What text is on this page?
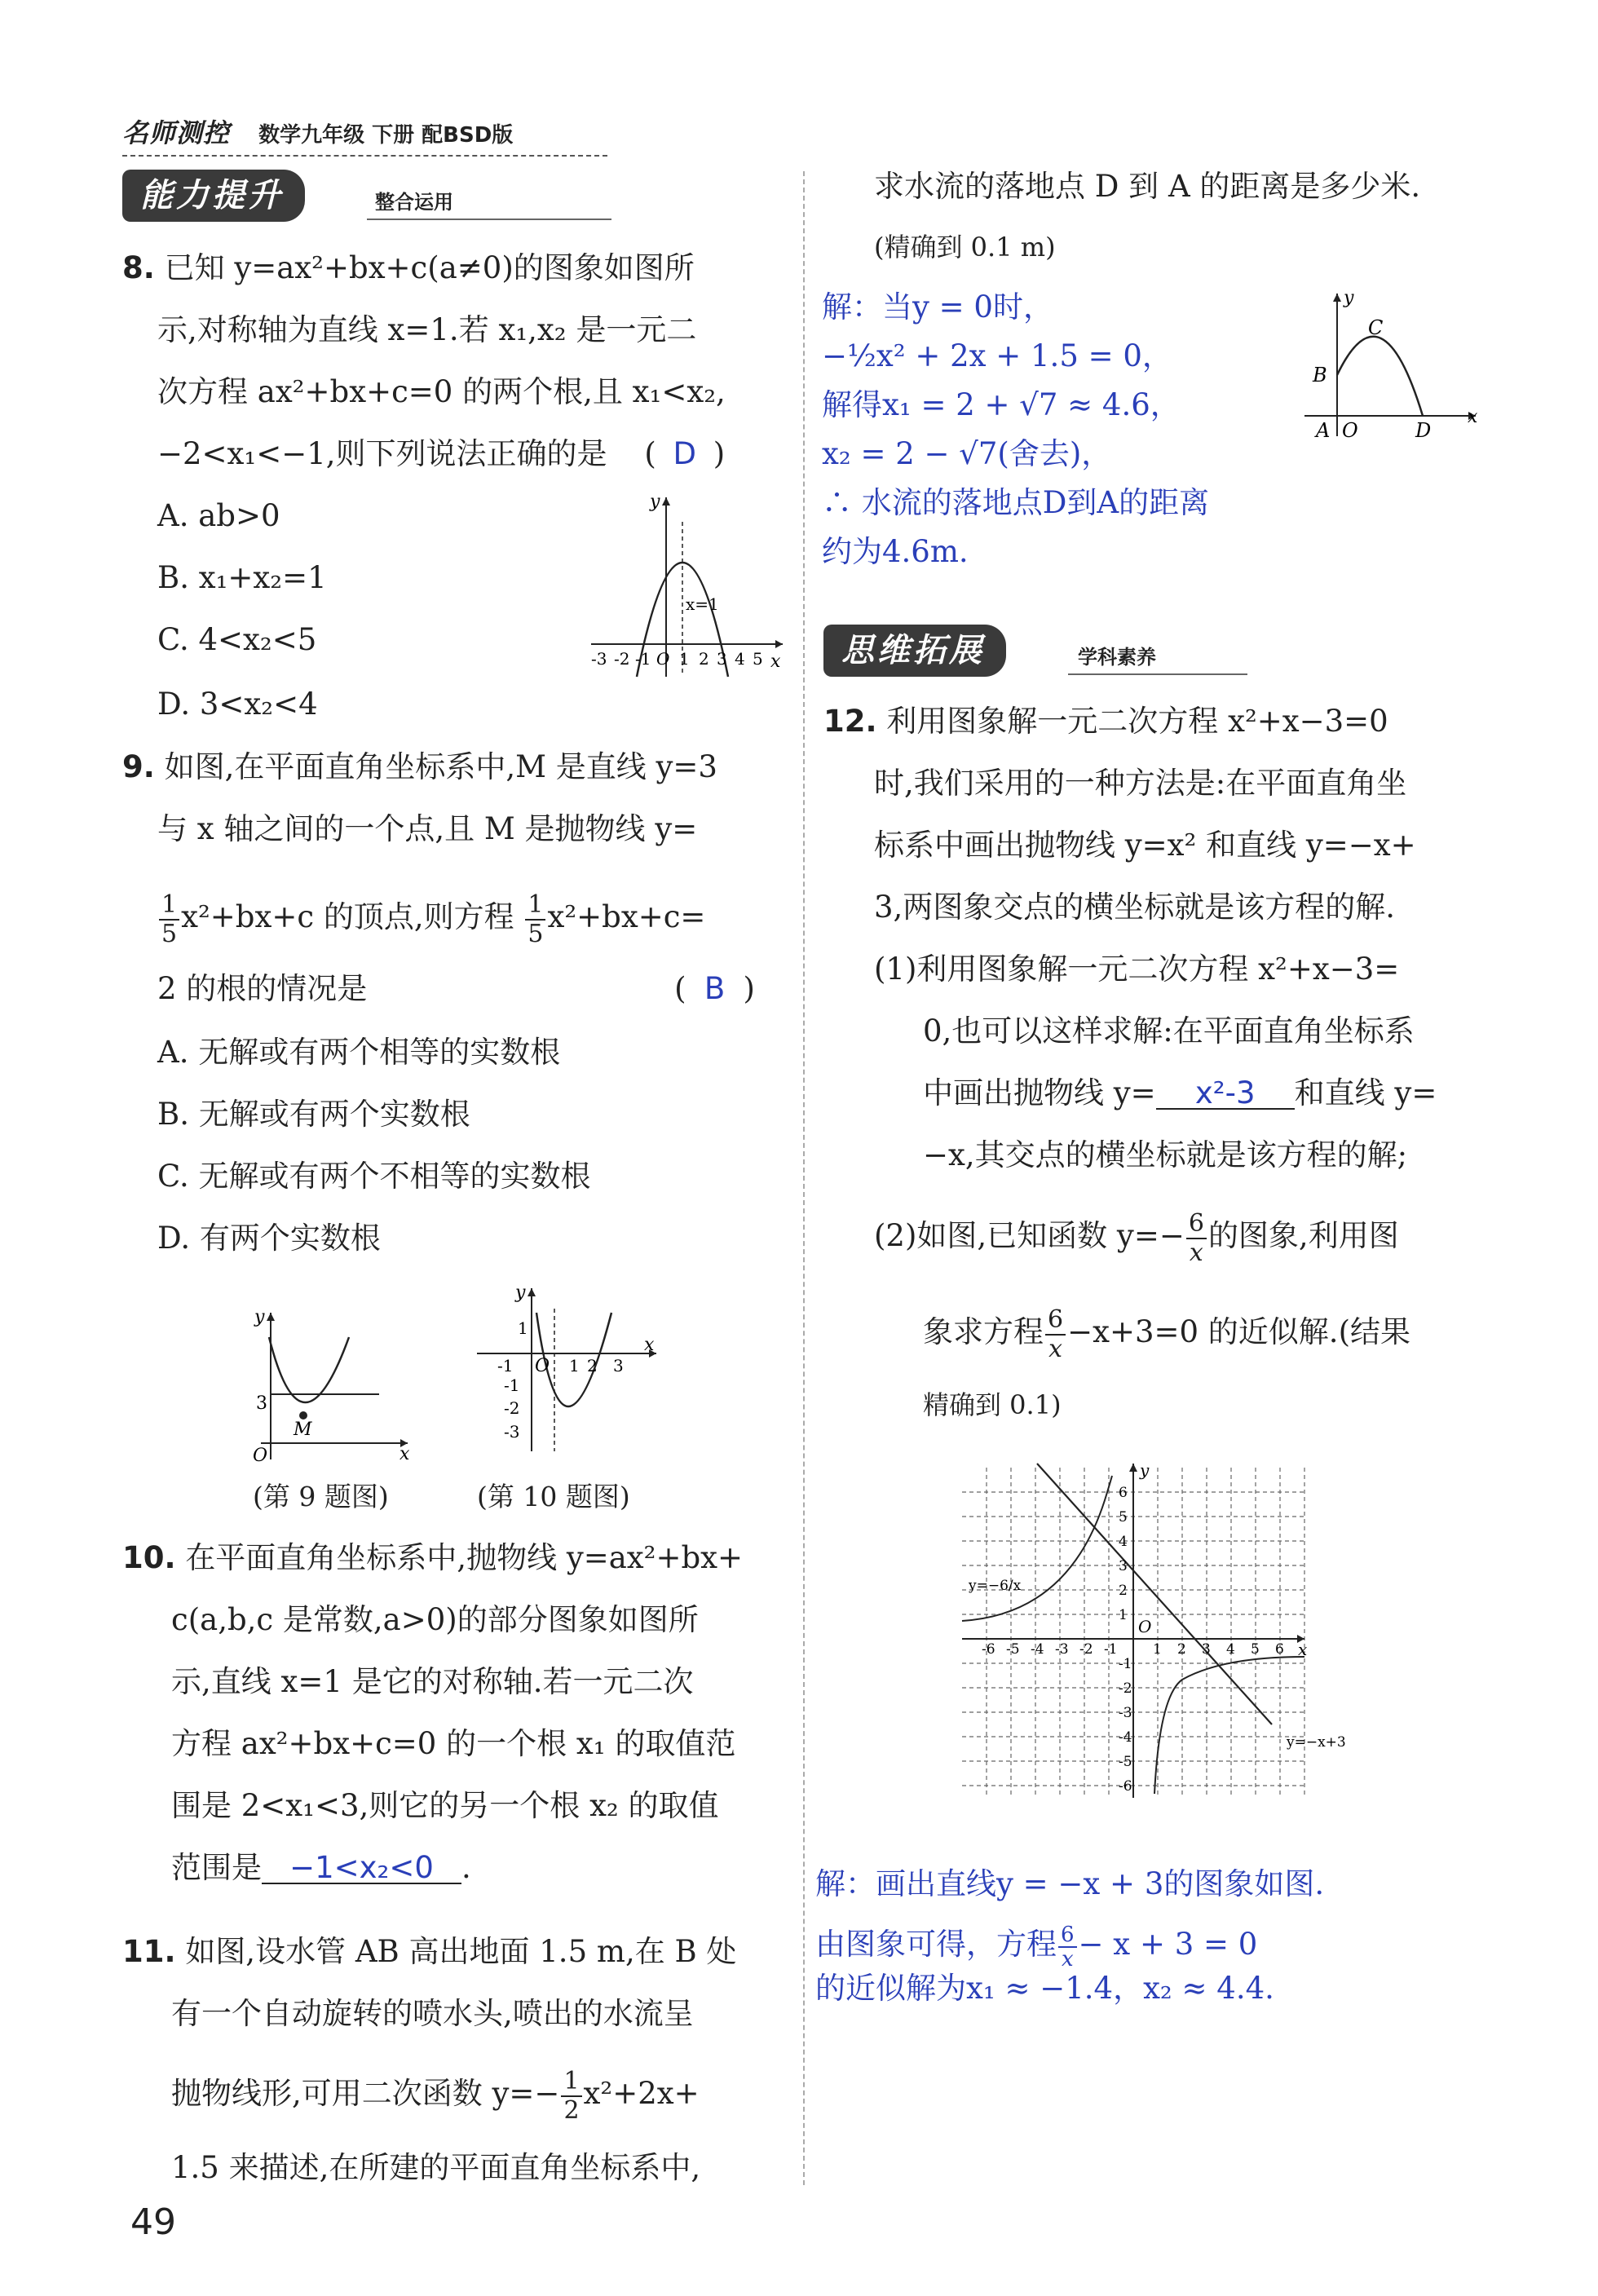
名师测控 数学九年级 下册 配BSD版
能力提升	整合运用
8. 已知 y=ax²+bx+c(a≠0)的图象如图所
示,对称轴为直线 x=1.若 x₁,x₂ 是一元二
次方程 ax²+bx+c=0 的两个根,且 x₁<x₂,
−2<x₁<−1,则下列说法正确的是 ( D )
A. ab>0
B. x₁+x₂=1
C. 4<x₂<5
D. 3<x₂<4
y
x
x=1
O
-3 -2 -1 1 2 3 4 5
9. 如图,在平面直角坐标系中,M 是直线 y=3
与 x 轴之间的一个点,且 M 是抛物线 y=
$\frac{1}{5} x^2+bx+c$ 的顶点,则方程 $\frac{1}{5} x^2+bx+c=$
2 的根的情况是	( B )
A. 无解或有两个相等的实数根
B. 无解或有两个实数根
C. 无解或有两个不相等的实数根
D. 有两个实数根
y
x
O
3
M
(第 9 题图)
y
x
O
1
-1
-2
-3
-1	1 2 3
(第 10 题图)
10. 在平面直角坐标系中,抛物线 y=ax²+bx+
c(a,b,c 是常数,a>0)的部分图象如图所
示,直线 x=1 是它的对称轴.若一元二次
方程 ax²+bx+c=0 的一个根 x₁ 的取值范
围是 2<x₁<3,则它的另一个根 x₂ 的取值
范围是 −1<x₂<0 .
11. 如图,设水管 AB 高出地面 1.5 m,在 B 处
有一个自动旋转的喷水头,喷出的水流呈
抛物线形,可用二次函数 $y=- \frac{1}{2} x^2+2x+$
1.5 来描述,在所建的平面直角坐标系中,
求水流的落地点 D 到 A 的距离是多少米.
(精确到 0.1 m)
解：当y = 0时，
−½x² + 2x + 1.5 = 0，
解得x₁ = 2 + √7 ≈ 4.6，
x₂ = 2 − √7(舍去)，
∴ 水流的落地点D到A的距离
约为4.6m.
y
x
C
B
A O	D
思维拓展	学科素养
12. 利用图象解一元二次方程 x²+x−3=0
时,我们采用的一种方法是:在平面直角坐
标系中画出抛物线 y=x² 和直线 y=−x+
3,两图象交点的横坐标就是该方程的解.
(1)利用图象解一元二次方程 x²+x−3=
0,也可以这样求解:在平面直角坐标系
中画出抛物线 y= x²-3 和直线 y=
−x,其交点的横坐标就是该方程的解;
(2)如图,已知函数 $y=- \frac{6}{x}$ 的图象,利用图
象求方程 $\frac{6}{x} -x+3=0$ 的近似解.(结果
精确到 0.1)
y
x
O
y=−6/x
y=−x+3
-6 -5 -4 -3 -2 -1	1 2 3 4 5 6
-6
-5
-4
-3
-2
-1
1
2
3
4
5
6
解：画出直线y = −x + 3的图象如图.
由图象可得，方程 $\frac{6}{x} - x + 3 = 0$
的近似解为x₁ ≈ −1.4，x₂ ≈ 4.4.
49
